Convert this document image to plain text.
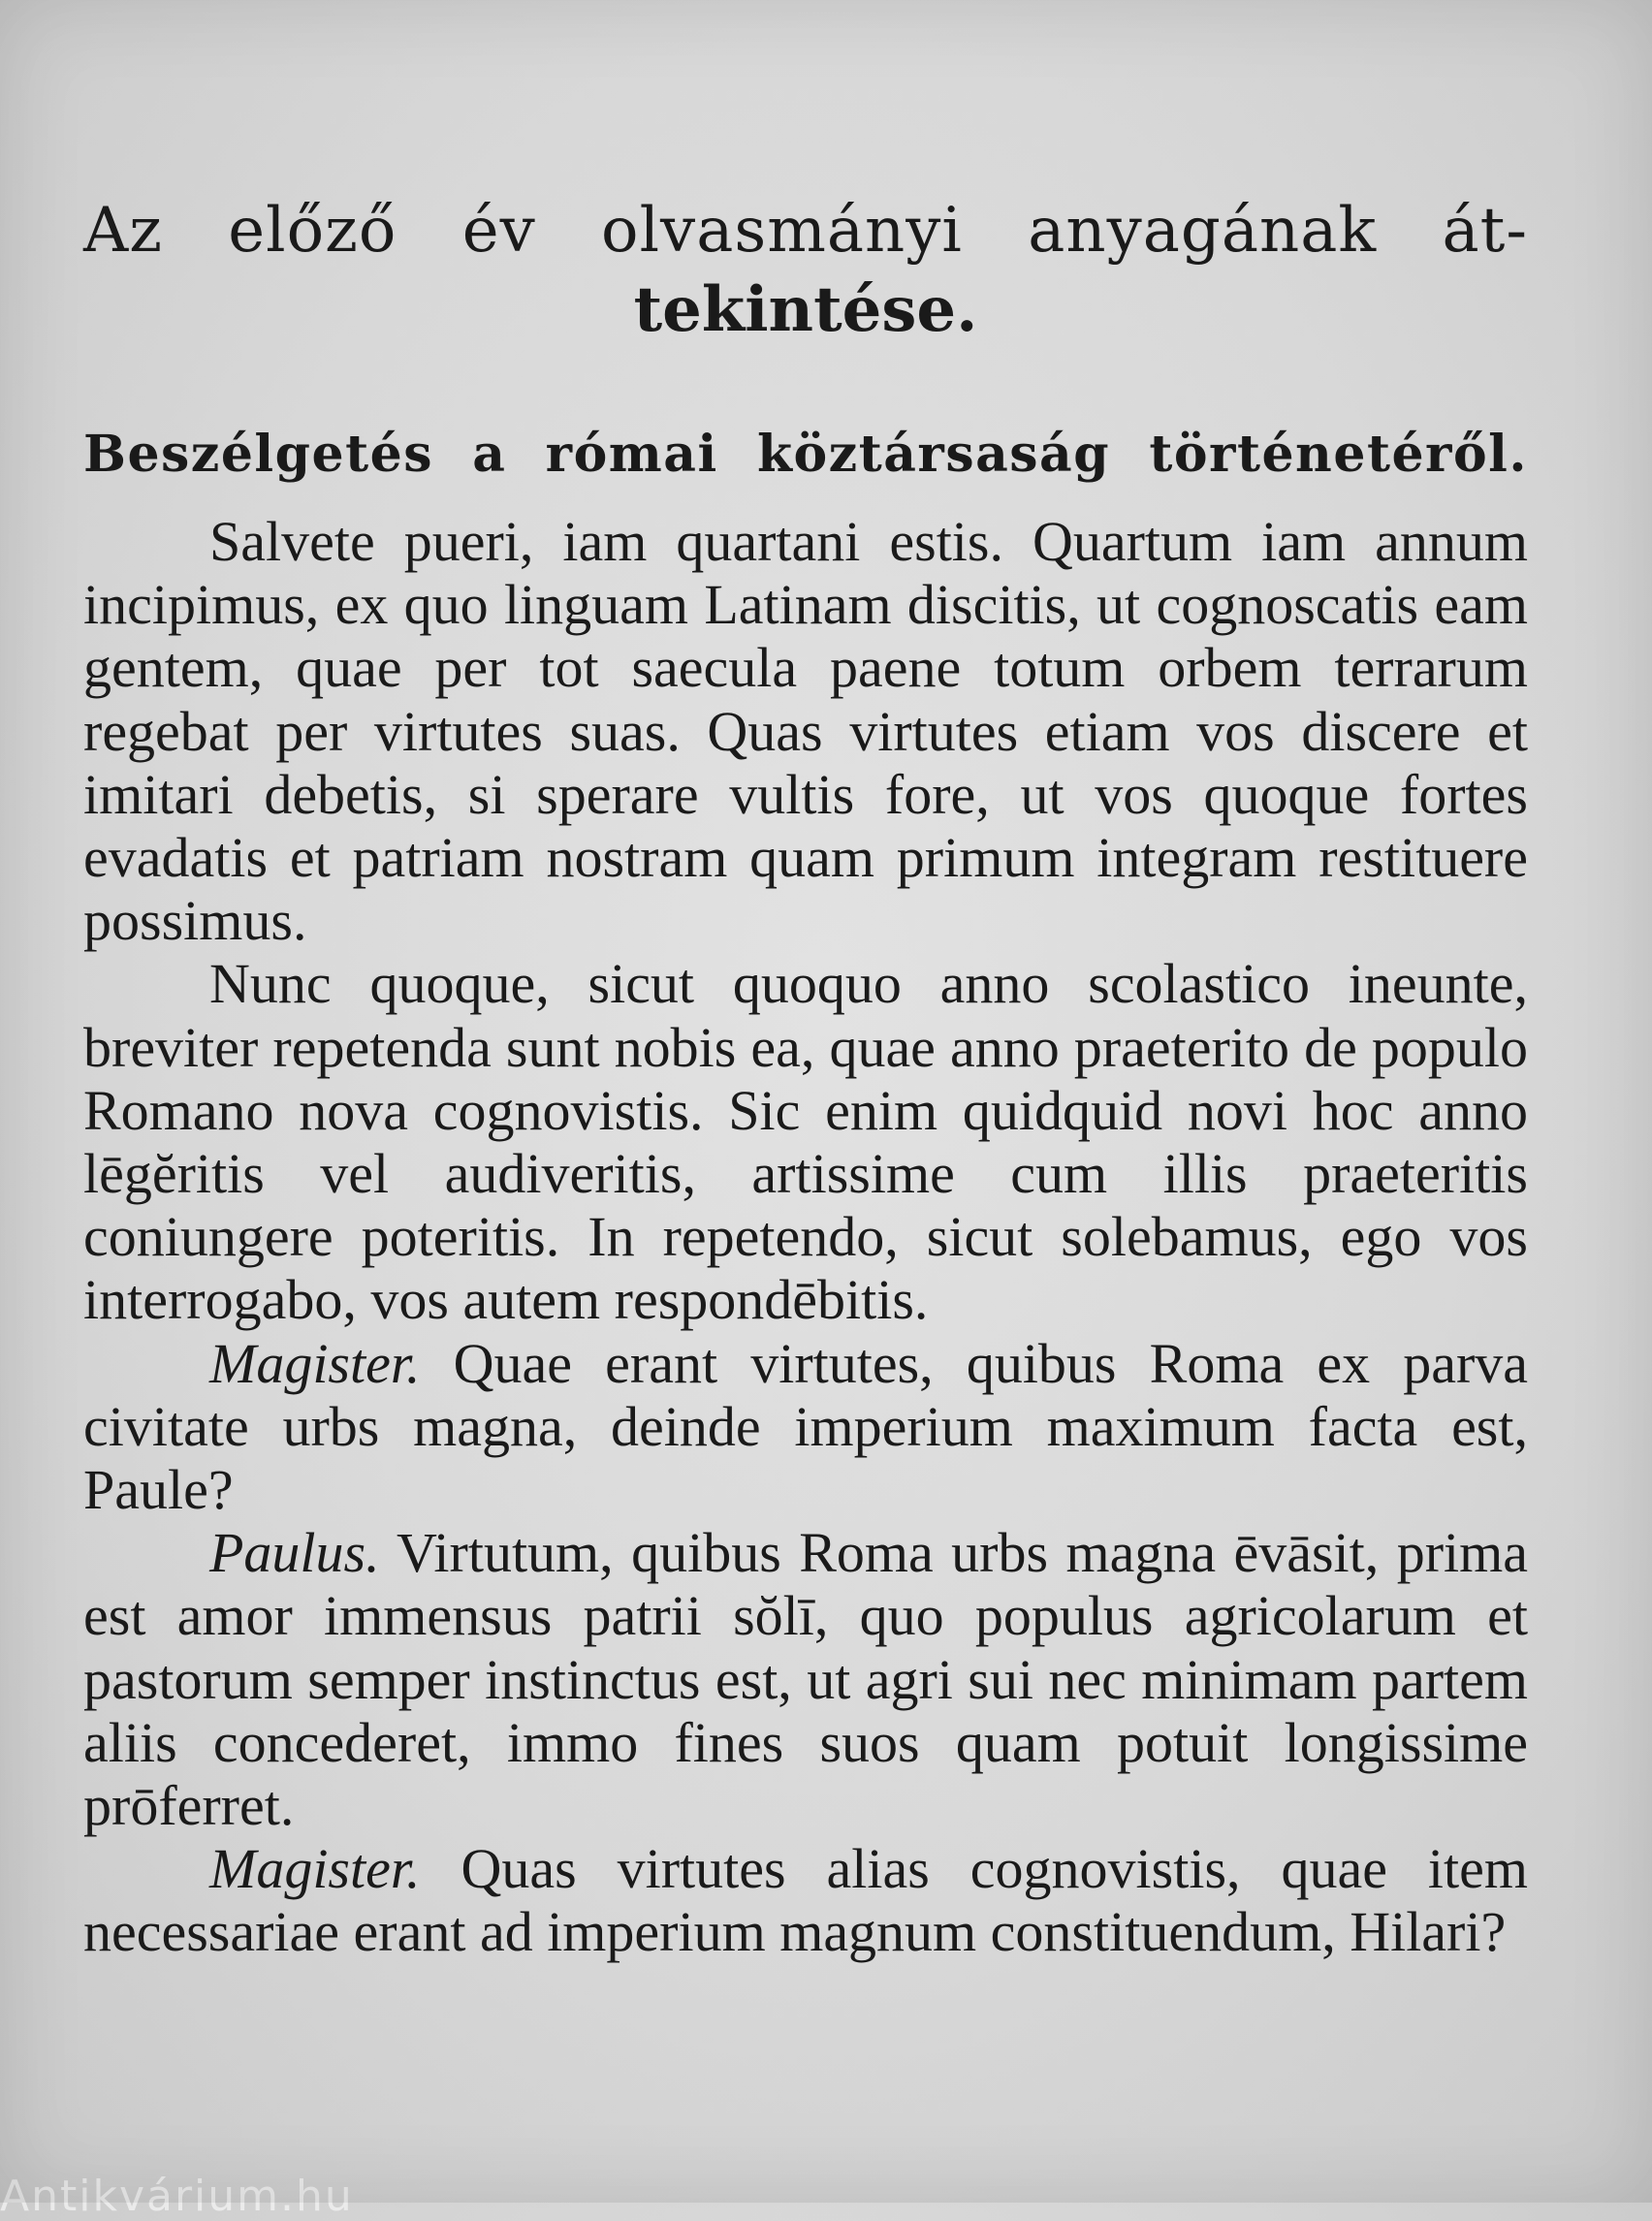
Az előző év olvasmányi anyagának át-
tekintése.
Beszélgetés a római köztársaság történetéről.

Salvete pueri, iam quartani estis. Quartum iam annum incipimus, ex quo linguam Latinam discitis, ut cognoscatis eam gentem, quae per tot saecula paene totum orbem terrarum regebat per virtutes suas. Quas virtutes etiam vos discere et imitari debetis, si sperare vultis fore, ut vos quoque fortes evadatis et patriam nostram quam primum integram restituere possimus.

Nunc quoque, sicut quoquo anno scolastico ineunte, breviter repetenda sunt nobis ea, quae anno praeterito de populo Romano nova cognovistis. Sic enim quidquid novi hoc anno lēgĕritis vel audiveritis, artissime cum illis praeteritis coniungere poteritis. In repetendo, sicut solebamus, ego vos interrogabo, vos autem respondēbitis.

Magister. Quae erant virtutes, quibus Roma ex parva civitate urbs magna, deinde imperium maximum facta est, Paule?

Paulus. Virtutum, quibus Roma urbs magna ēvāsit, prima est amor immensus patrii sŏlī, quo populus agricolarum et pastorum semper instinctus est, ut agri sui nec minimam partem aliis concederet, immo fines suos quam potuit longissime prōferret.

Magister. Quas virtutes alias cognovistis, quae item necessariae erant ad imperium magnum constituendum, Hilari?

Antikvárium.hu
